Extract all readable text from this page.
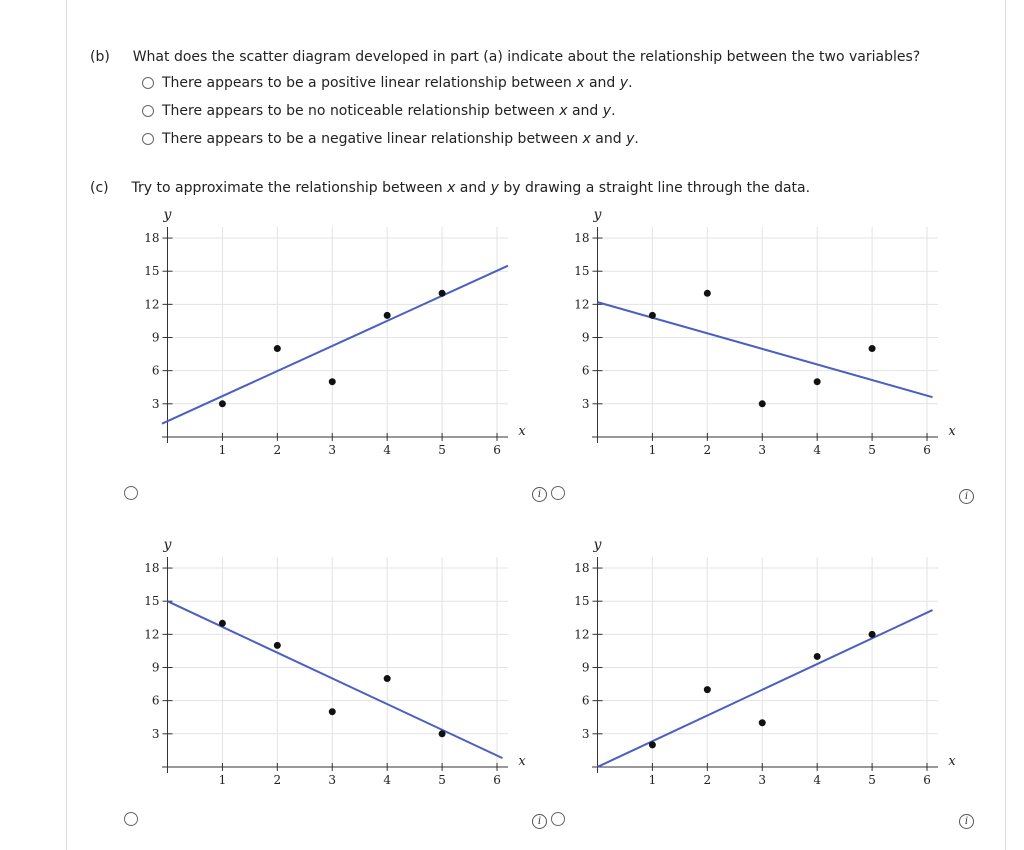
(b) What does the scatter diagram developed in part (a) indicate about the relationship between the two variables?
There appears to be a positive linear relationship between x and y.
There appears to be no noticeable relationship between x and y.
There appears to be a negative linear relationship between x and y.
(c) Try to approximate the relationship between x and y by drawing a straight line through the data.
1	2	3	4	5	6
3
6
9
12
15
18
x
y
1	2	3	4	5	6
3
6
9
12
15
18
x
y
1	2	3	4	5	6
3
6
9
12
15
18
x
y
1	2	3	4	5	6
3
6
9
12
15
18
x
y
i	i
i	i
